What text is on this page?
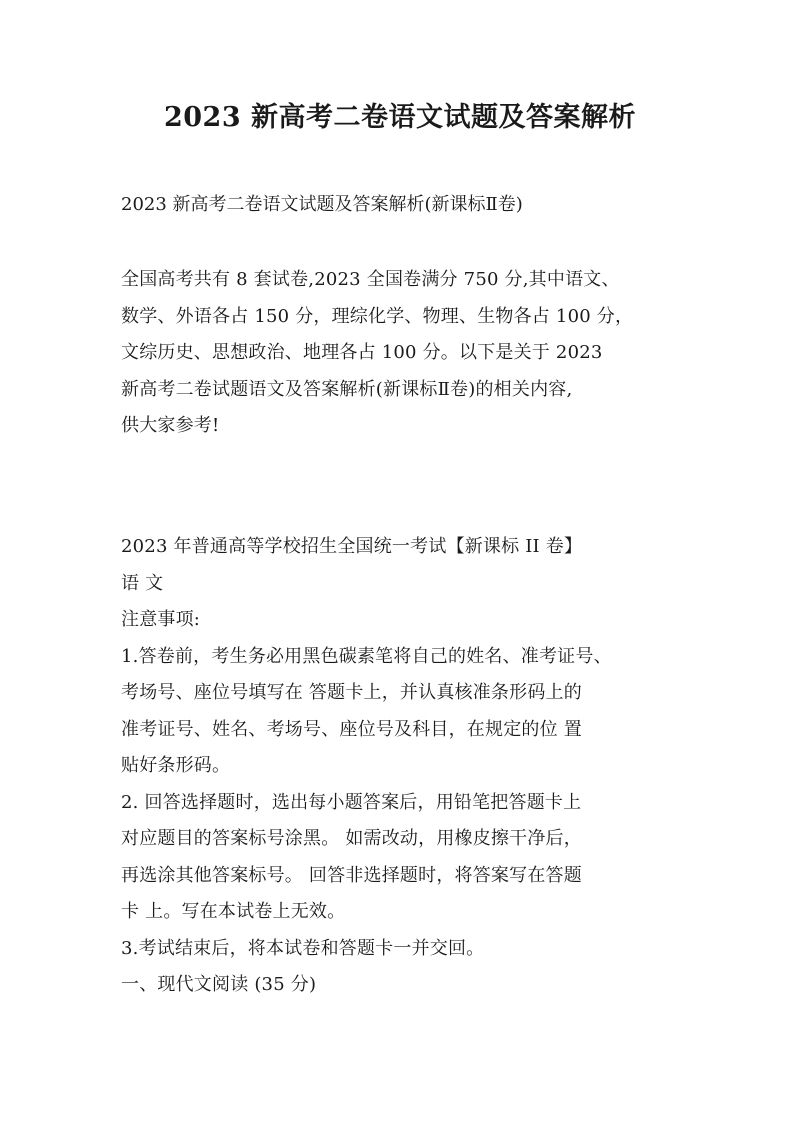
2023 新高考二卷语文试题及答案解析

2023 新高考二卷语文试题及答案解析(新课标Ⅱ卷)

全国高考共有 8 套试卷,2023 全国卷满分 750 分,其中语文、
数学、外语各占 150 分，理综化学、物理、生物各占 100 分，
文综历史、思想政治、地理各占 100 分。以下是关于 2023
新高考二卷试题语文及答案解析(新课标Ⅱ卷)的相关内容,
供大家参考!

2023 年普通高等学校招生全国统一考试【新课标 II 卷】
语 文
注意事项:
1.答卷前，考生务必用黑色碳素笔将自己的姓名、准考证号、
考场号、座位号填写在 答题卡上，并认真核准条形码上的
准考证号、姓名、考场号、座位号及科目，在规定的位 置
贴好条形码。
2. 回答选择题时，选出每小题答案后，用铅笔把答题卡上
对应题目的答案标号涂黑。 如需改动，用橡皮擦干净后，
再选涂其他答案标号。 回答非选择题时，将答案写在答题
卡 上。写在本试卷上无效。
3.考试结束后，将本试卷和答题卡一并交回。
一、现代文阅读 (35 分)
